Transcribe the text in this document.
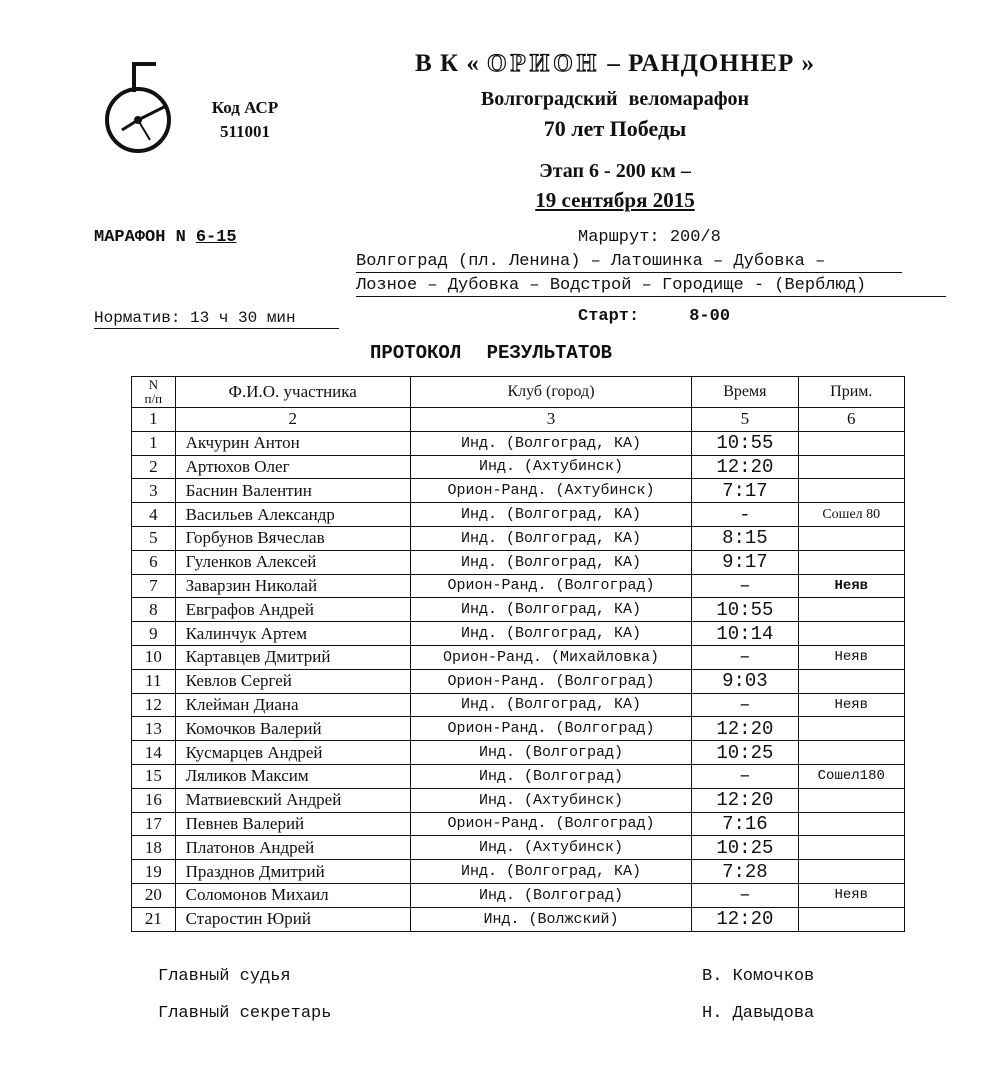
Код АСР
511001
В К « ОРИОН – РАНДОННЕР »
Волгоградский веломарафон
70 лет Победы
Этап 6 - 200 км –
19 сентября 2015
МАРАФОН N 6-15	Маршрут: 200/8
Волгоград (пл. Ленина) – Латошинка – Дубовка –
Лозное – Дубовка – Водстрой – Городище - (Верблюд)
Норматив: 13 ч 30 мин	Старт:	8-00
ПРОТОКОЛ РЕЗУЛЬТАТОВ
N
п/п	Ф.И.О. участника	Клуб (город)	Время	Прим.
1	2	3	5	6
1	Акчурин Антон	Инд. (Волгоград, КА)	10:55	
2	Артюхов Олег	Инд. (Ахтубинск)	12:20	
3	Баснин Валентин	Орион-Ранд. (Ахтубинск)	7:17	
4	Васильев Александр	Инд. (Волгоград, КА)	-	Сошел 80
5	Горбунов Вячеслав	Инд. (Волгоград, КА)	8:15	
6	Гуленков Алексей	Инд. (Волгоград, КА)	9:17	
7	Заварзин Николай	Орион-Ранд. (Волгоград)	–	Неяв
8	Евграфов Андрей	Инд. (Волгоград, КА)	10:55	
9	Калинчук Артем	Инд. (Волгоград, КА)	10:14	
10	Картавцев Дмитрий	Орион-Ранд. (Михайловка)	–	Неяв
11	Кевлов Сергей	Орион-Ранд. (Волгоград)	9:03	
12	Клейман Диана	Инд. (Волгоград, КА)	–	Неяв
13	Комочков Валерий	Орион-Ранд. (Волгоград)	12:20	
14	Кусмарцев Андрей	Инд. (Волгоград)	10:25	
15	Ляликов Максим	Инд. (Волгоград)	–	Сошел180
16	Матвиевский Андрей	Инд. (Ахтубинск)	12:20	
17	Певнев Валерий	Орион-Ранд. (Волгоград)	7:16	
18	Платонов Андрей	Инд. (Ахтубинск)	10:25	
19	Празднов Дмитрий	Инд. (Волгоград, КА)	7:28	
20	Соломонов Михаил	Инд. (Волгоград)	–	Неяв
21	Старостин Юрий	Инд. (Волжский)	12:20	
Главный судья	В. Комочков
Главный секретарь	Н. Давыдова
